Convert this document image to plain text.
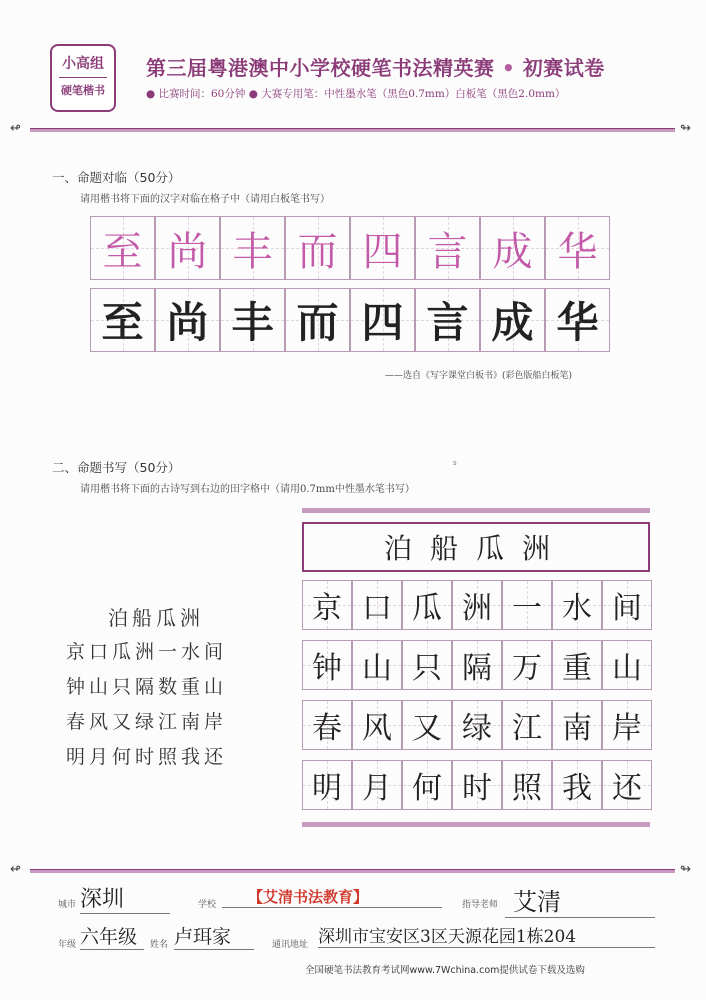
小高组
硬笔楷书
第三届粤港澳中小学校硬笔书法精英赛 • 初赛试卷
● 比赛时间：60分钟 ● 大赛专用笔：中性墨水笔（黑色0.7mm）白板笔（黑色2.0mm）
↫	↬
一、命题对临（50分）
请用楷书将下面的汉字对临在格子中（请用白板笔书写）
至 尚 丰 而 四 言 成 华
至 尚 丰 而 四 言 成 华
——选自《写字课堂白板书》(彩色版船白板笔)
二、命题书写（50分）	s
请用楷书将下面的古诗写到右边的田字格中（请用0.7mm中性墨水笔书写）
泊船瓜洲
京口瓜洲一水间
钟山只隔数重山
春风又绿江南岸
明月何时照我还
泊船瓜洲
京 口 瓜 洲 一 水 间
钟 山 只 隔 万 重 山
春 风 又 绿 江 南 岸
明 月 何 时 照 我 还
↫	↬
城市 深圳	学校	【艾清书法教育】	指导老师 艾清
年级 六年级	姓名 卢珥家	通讯地址 深圳市宝安区3区天源花园1栋204
全国硬笔书法教育考试网www.7Wchina.com提供试卷下载及选购
